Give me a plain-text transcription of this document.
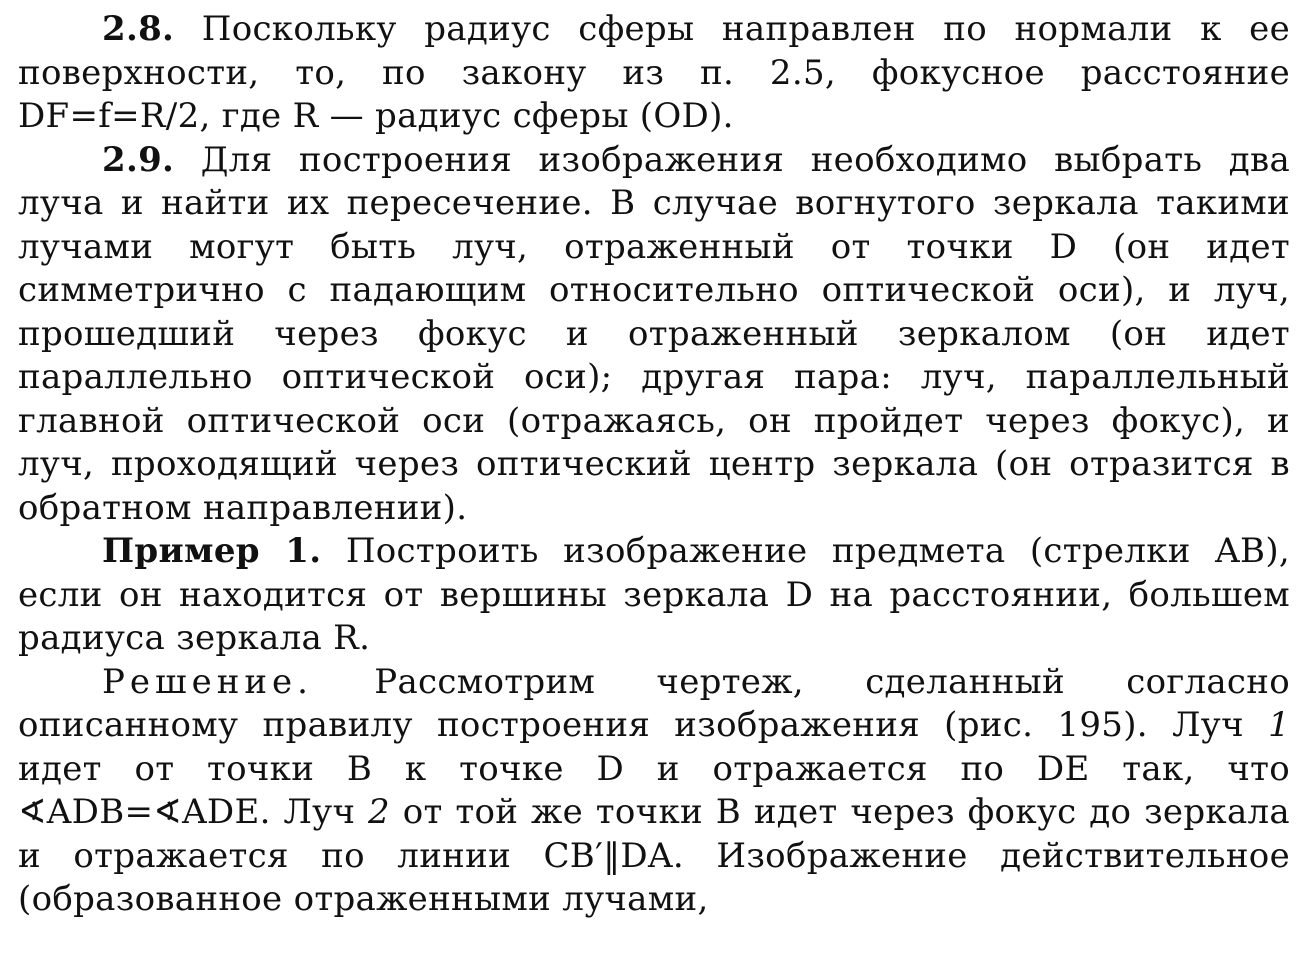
2.8. Поскольку радиус сферы направлен по нормали к ее поверхности, то, по закону из п. 2.5, фокусное расстояние DF=f=R/2, где R — радиус сферы (OD).

2.9. Для построения изображения необходимо выбрать два луча и найти их пересечение. В случае вогнутого зеркала такими лучами могут быть луч, отраженный от точки D (он идет симметрично с падающим относительно оптической оси), и луч, прошедший через фокус и отраженный зеркалом (он идет параллельно оптической оси); другая пара: луч, параллельный главной оптической оси (отражаясь, он пройдет через фокус), и луч, проходящий через оптический центр зеркала (он отразится в обратном направлении).

Пример 1. Построить изображение предмета (стрелки AB), если он находится от вершины зеркала D на расстоянии, большем радиуса зеркала R.

Решение. Рассмотрим чертеж, сделанный согласно описанному правилу построения изображения (рис. 195). Луч 1 идет от точки B к точке D и отражается по DE так, что ∢ADB=∢ADE. Луч 2 от той же точки B идет через фокус до зеркала и отражается по линии CB′‖DA. Изображение действительное (образованное отраженными лучами,
